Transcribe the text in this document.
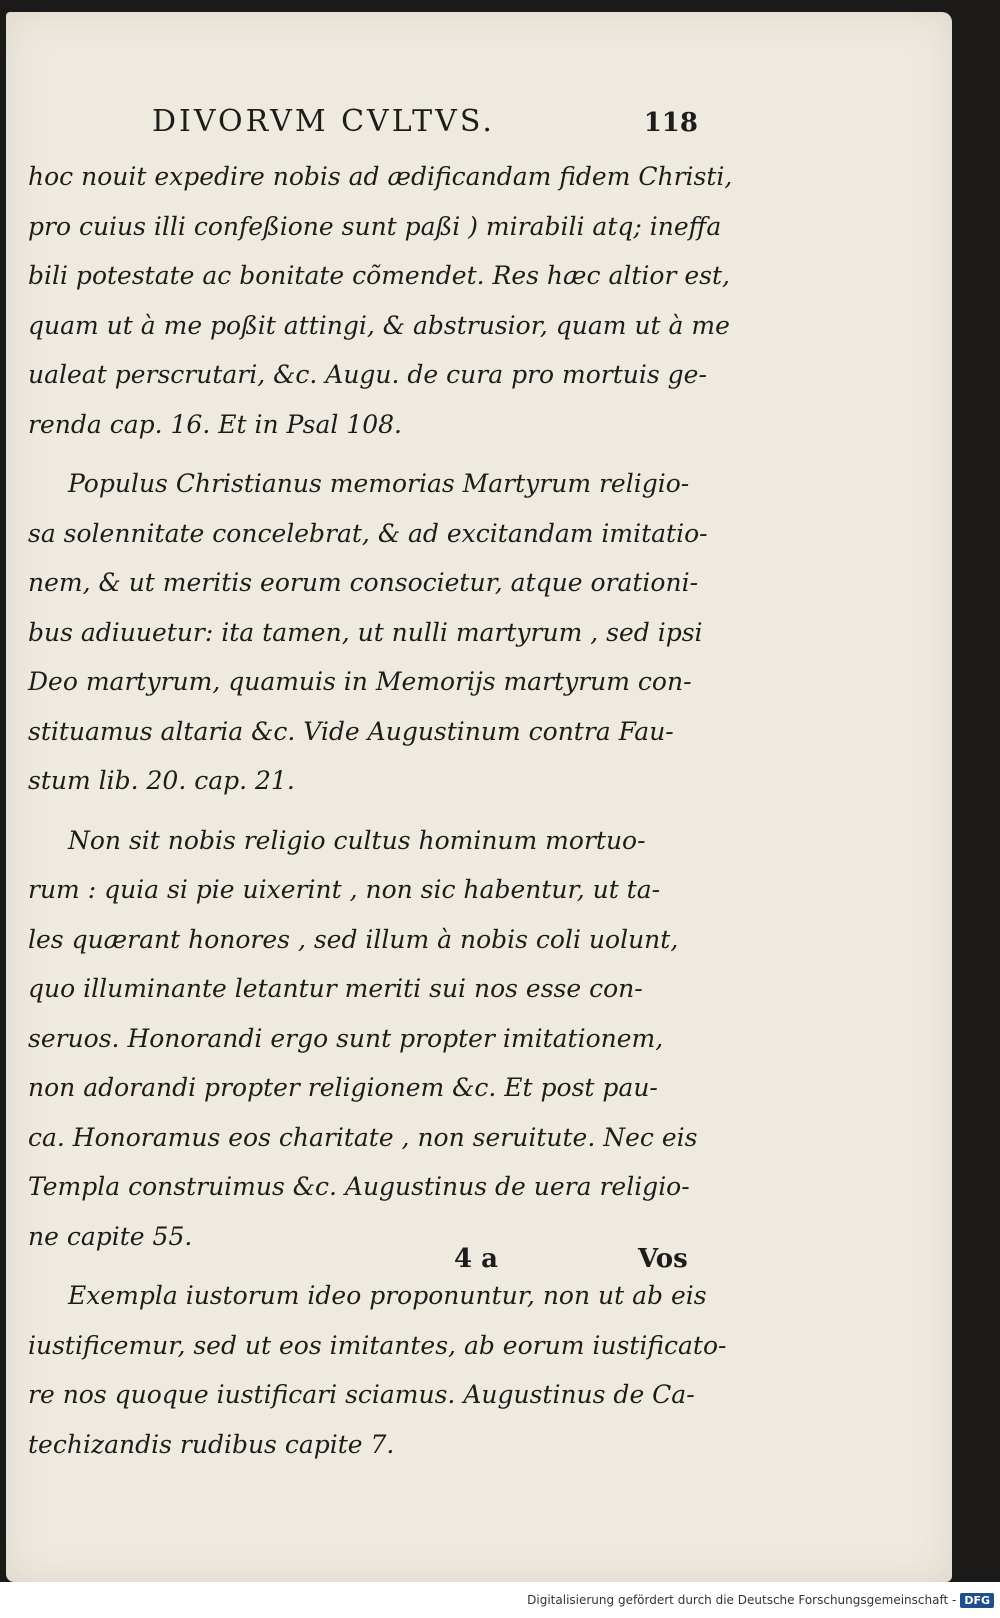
DIVORVM CVLTVS.	118

hoc nouit expedire nobis ad ædificandam fidem Christi,
pro cuius illi confeßione sunt paßi ) mirabili atq; ineffa
bili potestate ac bonitate cõmendet. Res hæc altior est,
quam ut à me poßit attingi, & abstrusior, quam ut à me
ualeat perscrutari, &c. Augu. de cura pro mortuis ge-
renda cap. 16. Et in Psal 108.

Populus Christianus memorias Martyrum religio-
sa solennitate concelebrat, & ad excitandam imitatio-
nem, & ut meritis eorum consocietur, atque orationi-
bus adiuuetur: ita tamen, ut nulli martyrum , sed ipsi
Deo martyrum, quamuis in Memorijs martyrum con-
stituamus altaria &c. Vide Augustinum contra Fau-
stum lib. 20. cap. 21.

Non sit nobis religio cultus hominum mortuo-
rum : quia si pie uixerint , non sic habentur, ut ta-
les quærant honores , sed illum à nobis coli uolunt,
quo illuminante letantur meriti sui nos esse con-
seruos. Honorandi ergo sunt propter imitationem,
non adorandi propter religionem &c. Et post pau-
ca. Honoramus eos charitate , non seruitute. Nec eis
Templa construimus &c. Augustinus de uera religio-
ne capite 55.

Exempla iustorum ideo proponuntur, non ut ab eis
iustificemur, sed ut eos imitantes, ab eorum iustificato-
re nos quoque iustificari sciamus. Augustinus de Ca-
techizandis rudibus capite 7.

4 a	Vos
Digitalisierung gefördert durch die Deutsche Forschungsgemeinschaft - DFG
